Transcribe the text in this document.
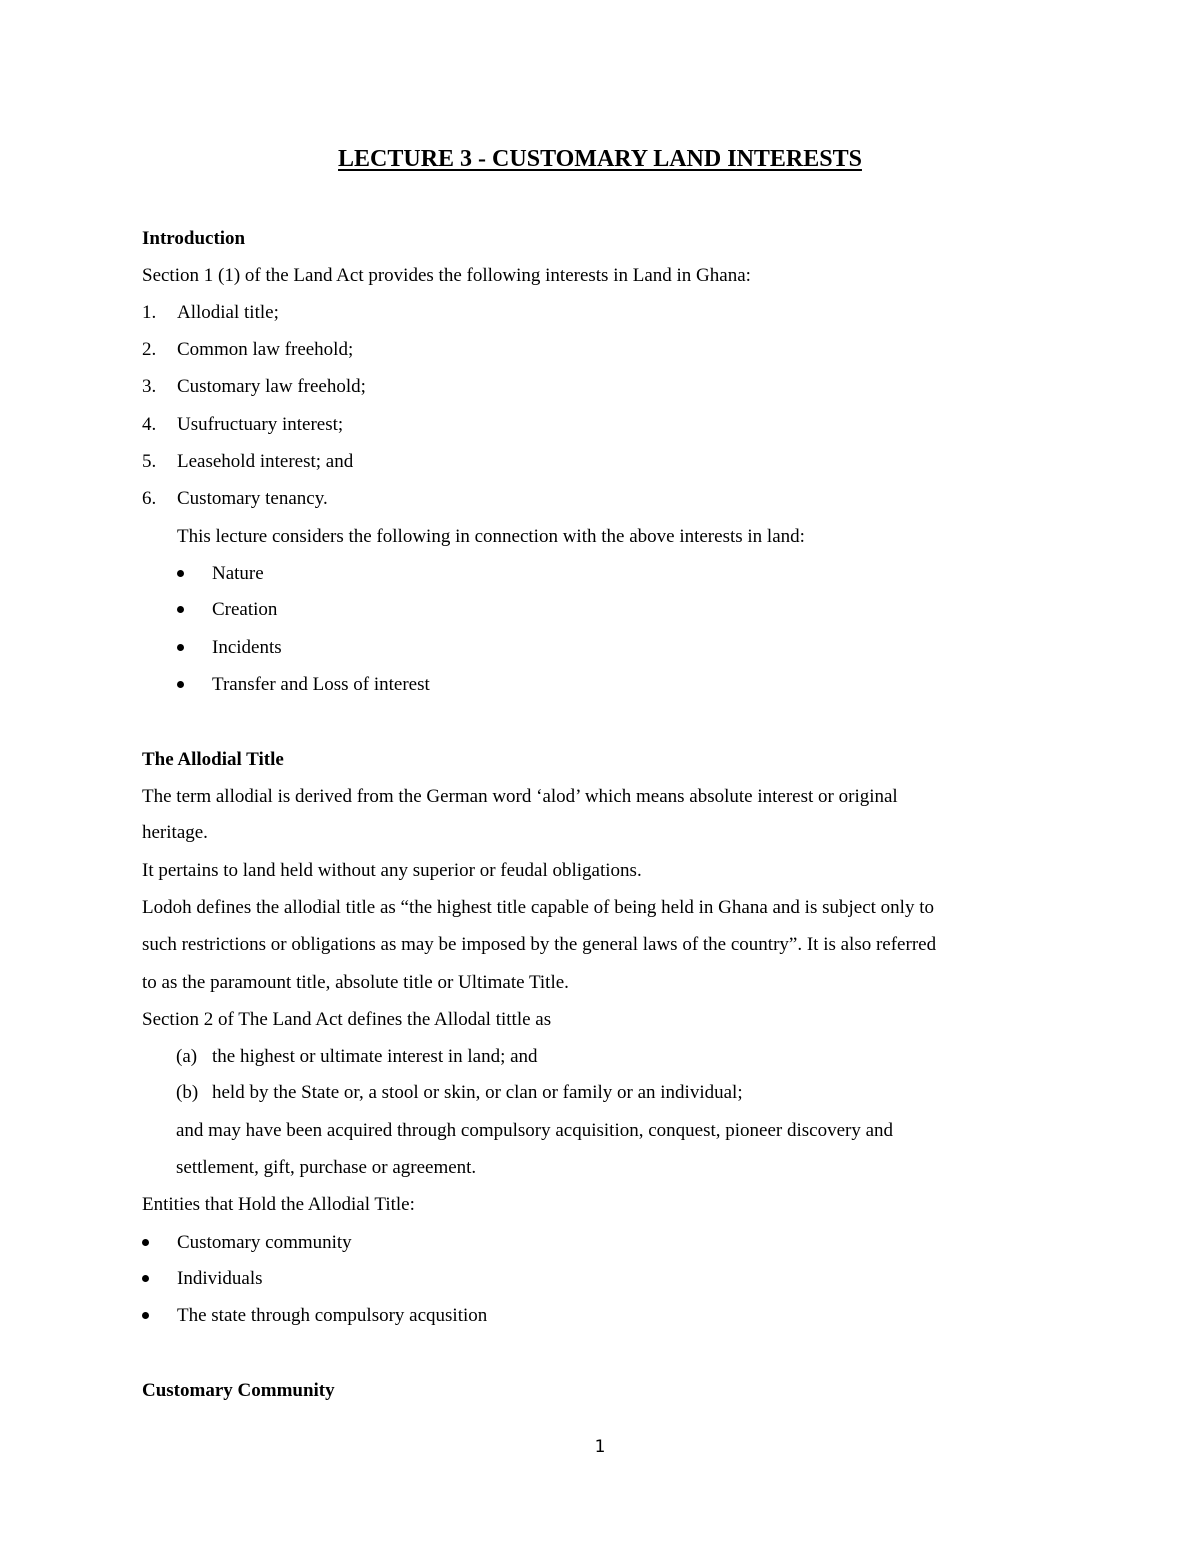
LECTURE 3 - CUSTOMARY LAND INTERESTS
Introduction
Section 1 (1) of the Land Act provides the following interests in Land in Ghana:
1. Allodial title;
2. Common law freehold;
3. Customary law freehold;
4. Usufructuary interest;
5. Leasehold interest; and
6. Customary tenancy.
This lecture considers the following in connection with the above interests in land:
Nature
Creation
Incidents
Transfer and Loss of interest
The Allodial Title
The term allodial is derived from the German word ‘alod’ which means absolute interest or original
heritage.
It pertains to land held without any superior or feudal obligations.
Lodoh defines the allodial title as “the highest title capable of being held in Ghana and is subject only to
such restrictions or obligations as may be imposed by the general laws of the country”. It is also referred
to as the paramount title, absolute title or Ultimate Title.
Section 2 of The Land Act defines the Allodal tittle as
(a) the highest or ultimate interest in land; and
(b) held by the State or, a stool or skin, or clan or family or an individual;
and may have been acquired through compulsory acquisition, conquest, pioneer discovery and
settlement, gift, purchase or agreement.
Entities that Hold the Allodial Title:
Customary community
Individuals
The state through compulsory acqusition
Customary Community
1
